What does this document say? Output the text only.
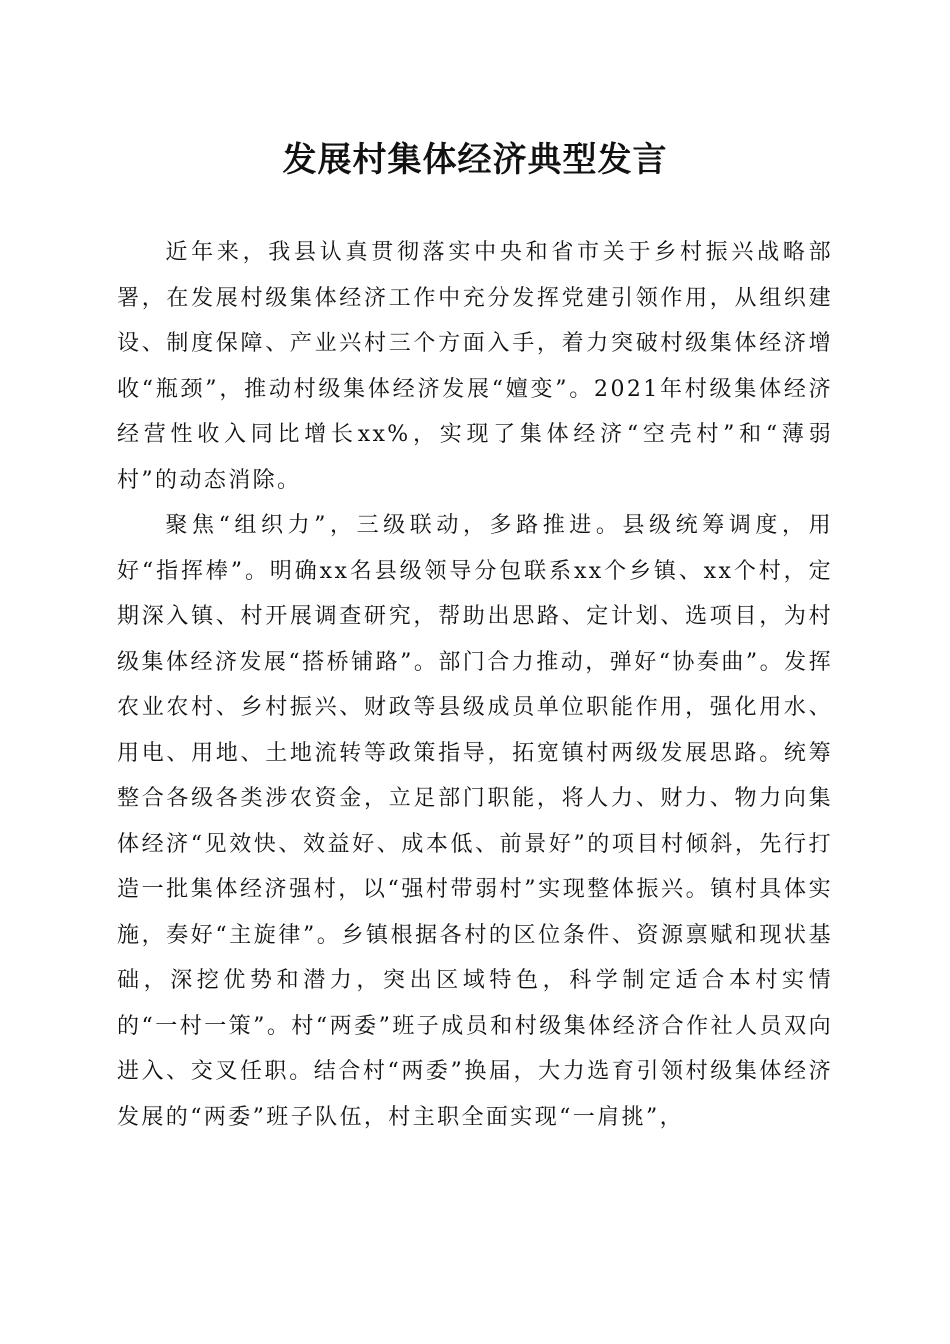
发展村集体经济典型发言

近年来，我县认真贯彻落实中央和省市关于乡村振兴战略部署，在发展村级集体经济工作中充分发挥党建引领作用，从组织建设、制度保障、产业兴村三个方面入手，着力突破村级集体经济增收“瓶颈”，推动村级集体经济发展“嬗变”。2021年村级集体经济经营性收入同比增长xx%，实现了集体经济“空壳村”和“薄弱村”的动态消除。

聚焦“组织力”，三级联动，多路推进。县级统筹调度，用好“指挥棒”。明确xx名县级领导分包联系xx个乡镇、xx个村，定期深入镇、村开展调查研究，帮助出思路、定计划、选项目，为村级集体经济发展“搭桥铺路”。部门合力推动，弹好“协奏曲”。发挥农业农村、乡村振兴、财政等县级成员单位职能作用，强化用水、用电、用地、土地流转等政策指导，拓宽镇村两级发展思路。统筹整合各级各类涉农资金，立足部门职能，将人力、财力、物力向集体经济“见效快、效益好、成本低、前景好”的项目村倾斜，先行打造一批集体经济强村，以“强村带弱村”实现整体振兴。镇村具体实施，奏好“主旋律”。乡镇根据各村的区位条件、资源禀赋和现状基础，深挖优势和潜力，突出区域特色，科学制定适合本村实情的“一村一策”。村“两委”班子成员和村级集体经济合作社人员双向进入、交叉任职。结合村“两委”换届，大力选育引领村级集体经济发展的“两委”班子队伍，村主职全面实现“一肩挑”，
